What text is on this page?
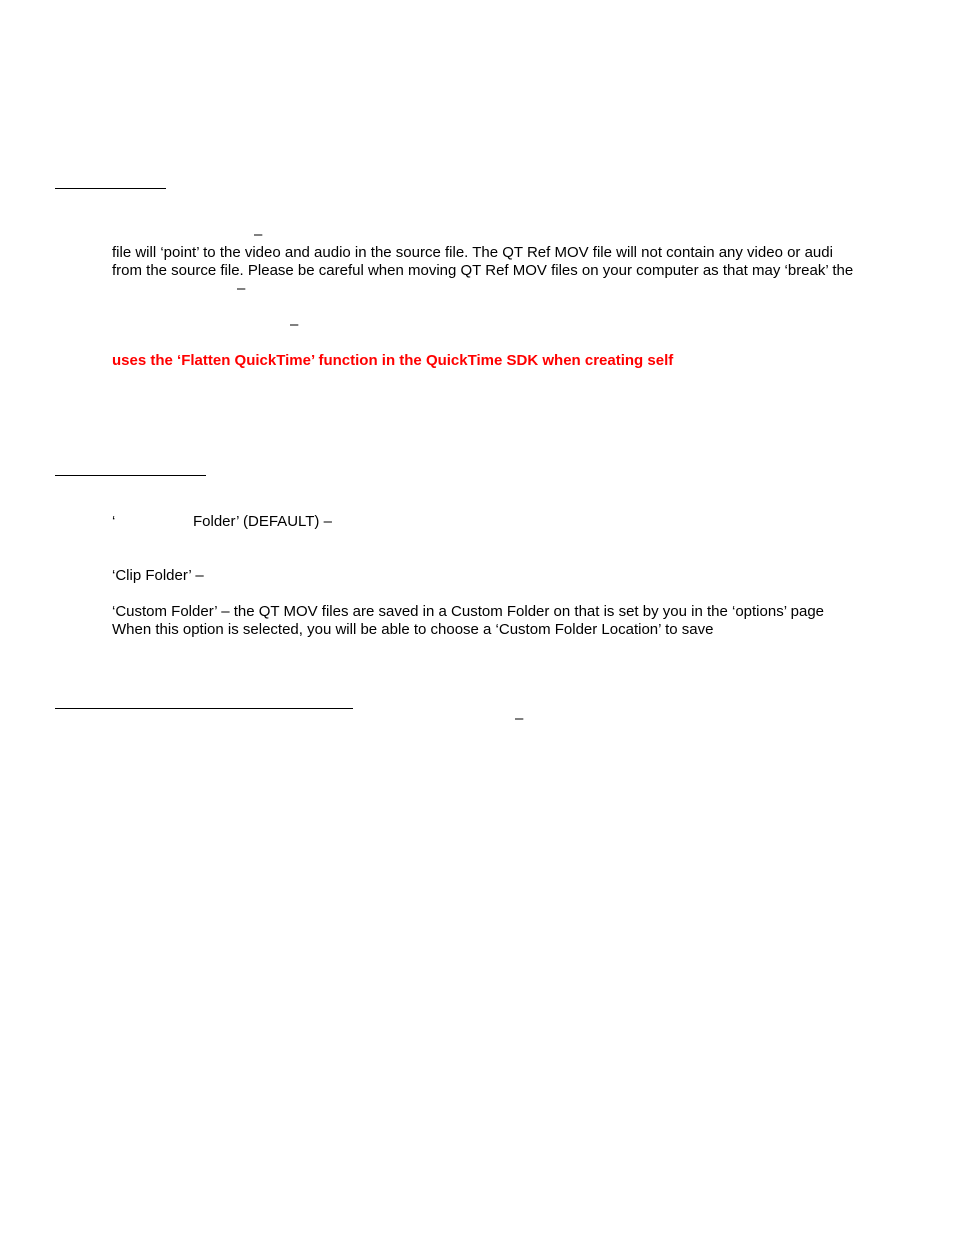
–

file will ‘point’ to the video and audio in the source file. The QT Ref MOV file will not contain any video or audi

from the source file. Please be careful when moving QT Ref MOV files on your computer as that may ‘break’ the

–

–

uses the ‘Flatten QuickTime’ function in the QuickTime SDK when creating self

‘	Folder’ (DEFAULT) –

‘Clip Folder’ –

‘Custom Folder’ – the QT MOV files are saved in a Custom Folder on that is set by you in the ‘options’ page

When this option is selected, you will be able to choose a ‘Custom Folder Location’ to save

–
